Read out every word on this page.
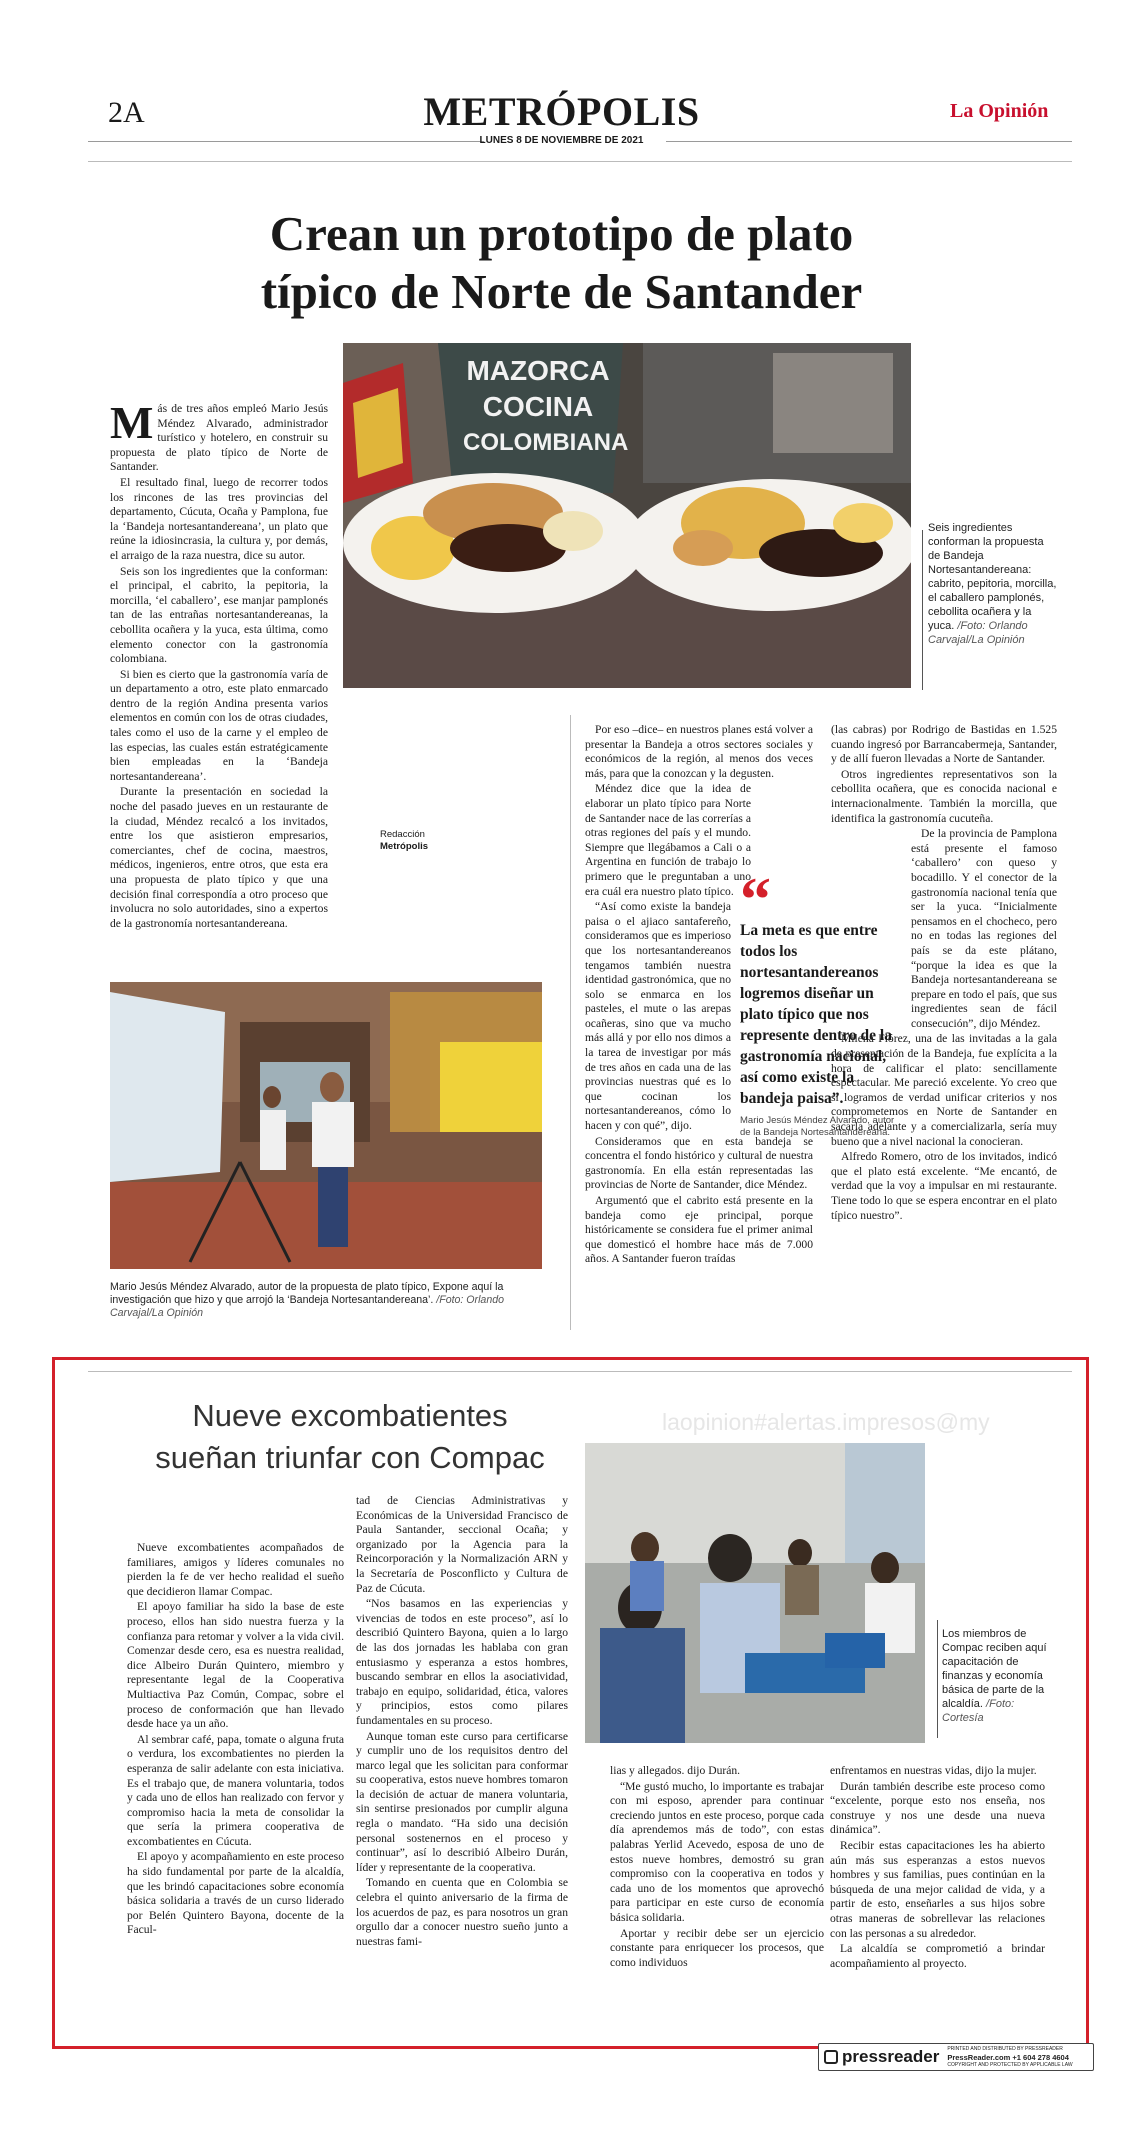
2A	METRÓPOLIS	La Opinión
LUNES 8 DE NOVIEMBRE DE 2021
Crean un prototipo de plato
típico de Norte de Santander

Más de tres años empleó Mario Jesús Méndez Alvarado, administrador turístico y hotelero, en construir su propuesta de plato típico de Norte de Santander.

El resultado final, luego de recorrer todos los rincones de las tres provincias del departamento, Cúcuta, Ocaña y Pamplona, fue la ‘Bandeja nortesantandereana’, un plato que reúne la idiosincrasia, la cultura y, por demás, el arraigo de la raza nuestra, dice su autor.

Seis son los ingredientes que la conforman: el principal, el cabrito, la pepitoria, la morcilla, ‘el caballero’, ese manjar pamplonés tan de las entrañas nortesantandereanas, la cebollita ocañera y la yuca, esta última, como elemento conector con la gastronomía colombiana.

Si bien es cierto que la gastronomía varía de un departamento a otro, este plato enmarcado dentro de la región Andina presenta varios elementos en común con los de otras ciudades, tales como el uso de la carne y el empleo de las especias, las cuales están estratégicamente bien empleadas en la ‘Bandeja nortesantandereana’.

Durante la presentación en sociedad la noche del pasado jueves en un restaurante de la ciudad, Méndez recalcó a los invitados, entre los que asistieron empresarios, comerciantes, chef de cocina, maestros, médicos, ingenieros, entre otros, que esta era una propuesta de plato típico y que una decisión final correspondía a otro proceso que involucra no solo autoridades, sino a expertos de la gastronomía nortesantandereana.

MAZORCA
COCINA
COLOMBIANA
Seis ingredientes conforman la propuesta de Bandeja Nortesantandereana: cabrito, pepitoria, morcilla, el caballero pamplonés, cebollita ocañera y la yuca. /Foto: Orlando Carvajal/La Opinión
Redacción
Metrópolis

Por eso –dice– en nuestros planes está volver a presentar la Bandeja a otros sectores sociales y económicos de la región, al menos dos veces más, para que la conozcan y la degusten.

Méndez dice que la idea de elaborar un plato típico para Norte de Santander nace de las correrías a otras regiones del país y el mundo. Siempre que llegábamos a Cali o a Argentina en función de trabajo lo primero que le preguntaban a uno era cuál era nuestro plato típico.

“Así como existe la bandeja paisa o el ajiaco santafereño, consideramos que es imperioso que los nortesantandereanos tengamos también nuestra identidad gastronómica, que no solo se enmarca en los pasteles, el mute o las arepas ocañeras, sino que va mucho más allá y por ello nos dimos a la tarea de investigar por más de tres años en cada una de las provincias nuestras qué es lo que cocinan los nortesantandereanos, cómo lo hacen y con qué”, dijo.

Consideramos que en esta bandeja se concentra el fondo histórico y cultural de nuestra gastronomía. En ella están representadas las provincias de Norte de Santander, dice Méndez.

Argumentó que el cabrito está presente en la bandeja como eje principal, porque históricamente se considera fue el primer animal que domesticó el hombre hace más de 7.000 años. A Santander fueron traídas

“
La meta es que entre todos los nortesantandereanos logremos diseñar un plato típico que nos represente dentro de la gastronomía nacional, así como existe la bandeja paisa”.
Mario Jesús Méndez Alvarado, autor de la Bandeja Nortesantandereana.

(las cabras) por Rodrigo de Bastidas en 1.525 cuando ingresó por Barrancabermeja, Santander, y de allí fueron llevadas a Norte de Santander.

Otros ingredientes representativos son la cebollita ocañera, que es conocida nacional e internacionalmente. También la morcilla, que identifica la gastronomía cucuteña.

De la provincia de Pamplona está presente el famoso ‘caballero’ con queso y bocadillo. Y el conector de la gastronomía nacional tenía que ser la yuca. “Inicialmente pensamos en el chocheco, pero no en todas las regiones del país se da este plátano, “porque la idea es que la Bandeja nortesantandereana se prepare en todo el país, que sus ingredientes sean de fácil consecución”, dijo Méndez.

Milena Flórez, una de las invitadas a la gala de presentación de la Bandeja, fue explícita a la hora de calificar el plato: sencillamente espectacular. Me pareció excelente. Yo creo que si logramos de verdad unificar criterios y nos comprometemos en Norte de Santander en sacarla adelante y a comercializarla, sería muy bueno que a nivel nacional la conocieran.

Alfredo Romero, otro de los invitados, indicó que el plato está excelente. “Me encantó, de verdad que la voy a impulsar en mi restaurante. Tiene todo lo que se espera encontrar en el plato típico nuestro”.

Mario Jesús Méndez Alvarado, autor de la propuesta de plato típico, Expone aquí la investigación que hizo y que arrojó la ‘Bandeja Nortesantandereana’. /Foto: Orlando Carvajal/La Opinión
laopinion#alertas.impresos@my
Nueve excombatientes
sueñan triunfar con Compac

Nueve excombatientes acompañados de familiares, amigos y líderes comunales no pierden la fe de ver hecho realidad el sueño que decidieron llamar Compac.

El apoyo familiar ha sido la base de este proceso, ellos han sido nuestra fuerza y la confianza para retomar y volver a la vida civil. Comenzar desde cero, esa es nuestra realidad, dice Albeiro Durán Quintero, miembro y representante legal de la Cooperativa Multiactiva Paz Común, Compac, sobre el proceso de conformación que han llevado desde hace ya un año.

Al sembrar café, papa, tomate o alguna fruta o verdura, los excombatientes no pierden la esperanza de salir adelante con esta iniciativa. Es el trabajo que, de manera voluntaria, todos y cada uno de ellos han realizado con fervor y compromiso hacia la meta de consolidar la que sería la primera cooperativa de excombatientes en Cúcuta.

El apoyo y acompañamiento en este proceso ha sido fundamental por parte de la alcaldía, que les brindó capacitaciones sobre economía básica solidaria a través de un curso liderado por Belén Quintero Bayona, docente de la Facul-

tad de Ciencias Administrativas y Económicas de la Universidad Francisco de Paula Santander, seccional Ocaña; y organizado por la Agencia para la Reincorporación y la Normalización ARN y la Secretaría de Posconflicto y Cultura de Paz de Cúcuta.

“Nos basamos en las experiencias y vivencias de todos en este proceso”, así lo describió Quintero Bayona, quien a lo largo de las dos jornadas les hablaba con gran entusiasmo y esperanza a estos hombres, buscando sembrar en ellos la asociatividad, trabajo en equipo, solidaridad, ética, valores y principios, estos como pilares fundamentales en su proceso.

Aunque toman este curso para certificarse y cumplir uno de los requisitos dentro del marco legal que les solicitan para conformar su cooperativa, estos nueve hombres tomaron la decisión de actuar de manera voluntaria, sin sentirse presionados por cumplir alguna regla o mandato. “Ha sido una decisión personal sostenernos en el proceso y continuar”, así lo describió Albeiro Durán, líder y representante de la cooperativa.

Tomando en cuenta que en Colombia se celebra el quinto aniversario de la firma de los acuerdos de paz, es para nosotros un gran orgullo dar a conocer nuestro sueño junto a nuestras fami-

Los miembros de Compac reciben aquí capacitación de finanzas y economía básica de parte de la alcaldía. /Foto: Cortesía

lias y allegados. dijo Durán.

“Me gustó mucho, lo importante es trabajar con mi esposo, aprender para continuar creciendo juntos en este proceso, porque cada día aprendemos más de todo”, con estas palabras Yerlid Acevedo, esposa de uno de estos nueve hombres, demostró su gran compromiso con la cooperativa en todos y cada uno de los momentos que aprovechó para participar en este curso de economía básica solidaria.

Aportar y recibir debe ser un ejercicio constante para enriquecer los procesos, que como individuos

enfrentamos en nuestras vidas, dijo la mujer.

Durán también describe este proceso como “excelente, porque esto nos enseña, nos construye y nos une desde una nueva dinámica”.

Recibir estas capacitaciones les ha abierto aún más sus esperanzas a estos nuevos hombres y sus familias, pues continúan en la búsqueda de una mejor calidad de vida, y a partir de esto, enseñarles a sus hijos sobre otras maneras de sobrellevar las relaciones con las personas a su alrededor.

La alcaldía se comprometió a brindar acompañamiento al proyecto.

pressreader PRINTED AND DISTRIBUTED BY PRESSREADER
PressReader.com +1 604 278 4604
COPYRIGHT AND PROTECTED BY APPLICABLE LAW
